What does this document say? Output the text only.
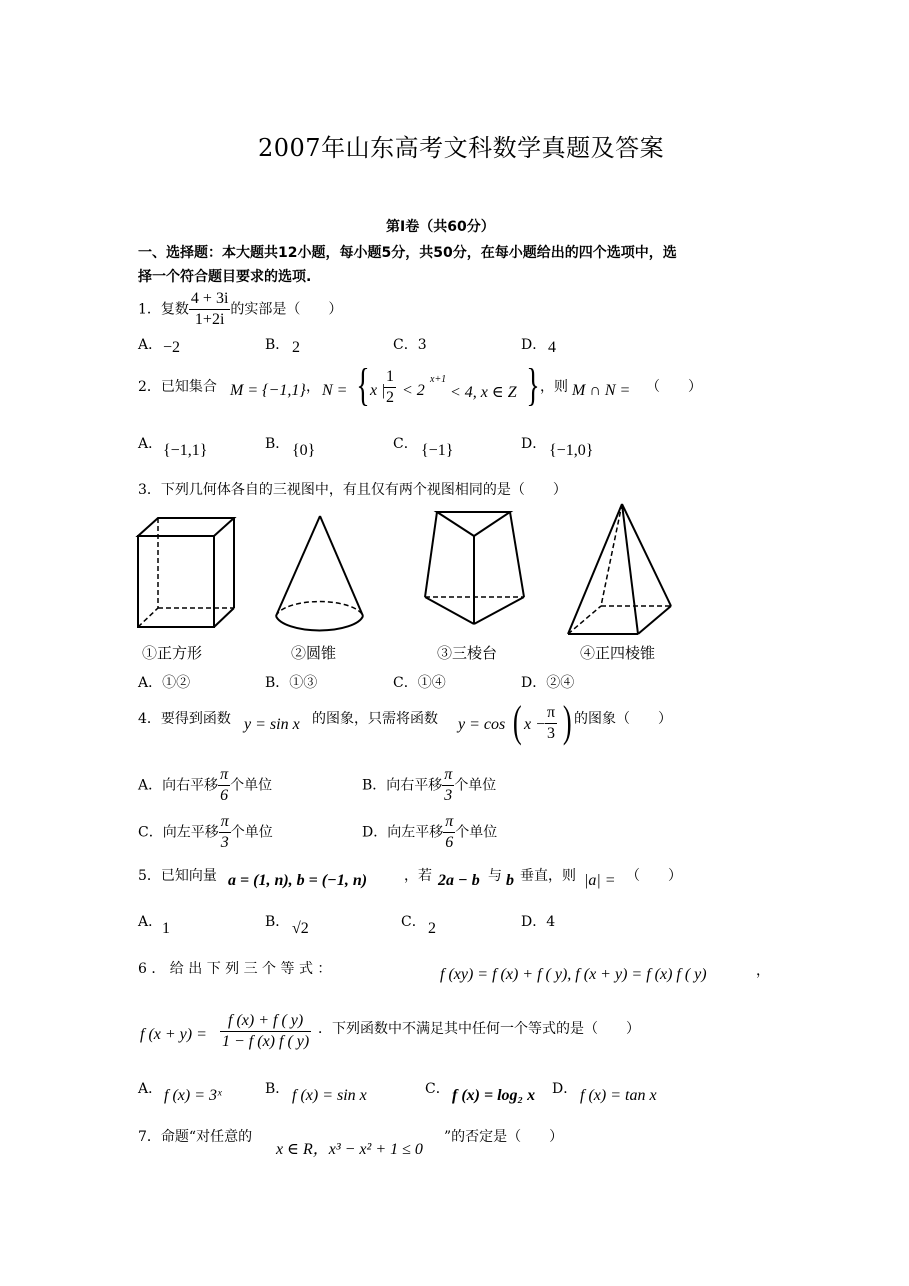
2007年山东高考文科数学真题及答案
第Ⅰ卷（共60分）
一、选择题：本大题共12小题，每小题5分，共50分，在每小题给出的四个选项中，选
择一个符合题目要求的选项.
1．复数 $\frac{4 + 3i}{1+2i}$ 的实部是（　　）
A． −2	B． 2	C．3	D． 4
2．已知集合 M = {−1,1} ， N = { x |
$\frac{1}{2} < 2$
x+1
< 4, x ∈ Z } ，则 M ∩ N = （　　）
A． {−1,1}	B． {0}	C． {−1}	D． {−1,0}
3．下列几何体各自的三视图中，有且仅有两个视图相同的是（　　）
①正方形	②圆锥	③三棱台	④正四棱锥
A．①②	B．①③	C．①④	D．②④
4．要得到函数 y = sin x 的图象，只需将函数 y = cos ( $x - \frac{\pi}{3}$ ) 的图象（　　）
A．向右平移 $\frac{\pi}{6}$ 个单位	B．向右平移 $\frac{\pi}{3}$ 个单位
C．向左平移 $\frac{\pi}{3}$ 个单位	D．向左平移 $\frac{\pi}{6}$ 个单位
5．已知向量 a = (1, n), b = (−1, n)	，若 2a − b 与 b 垂直，则 |a| = （　　）
A． 1	B． √2	C． 2	D．4
6 ． 给 出 下 列 三 个 等 式 ：	f (xy) = f (x) + f ( y), f (x + y) = f (x) f ( y)	，
f $(x + y) = \frac{f (x) + f ( y)}{1 - f (x) f ( y)}$ ．下列函数中不满足其中任何一个等式的是（　　）
A． f (x) = 3ˣ	B． f (x) = sin x	C． f (x) = log₂ x D． f (x) = tan x
7．命题“对任意的
x ∈ R，x³ − x² + 1 ≤ 0
”的否定是（　　）
